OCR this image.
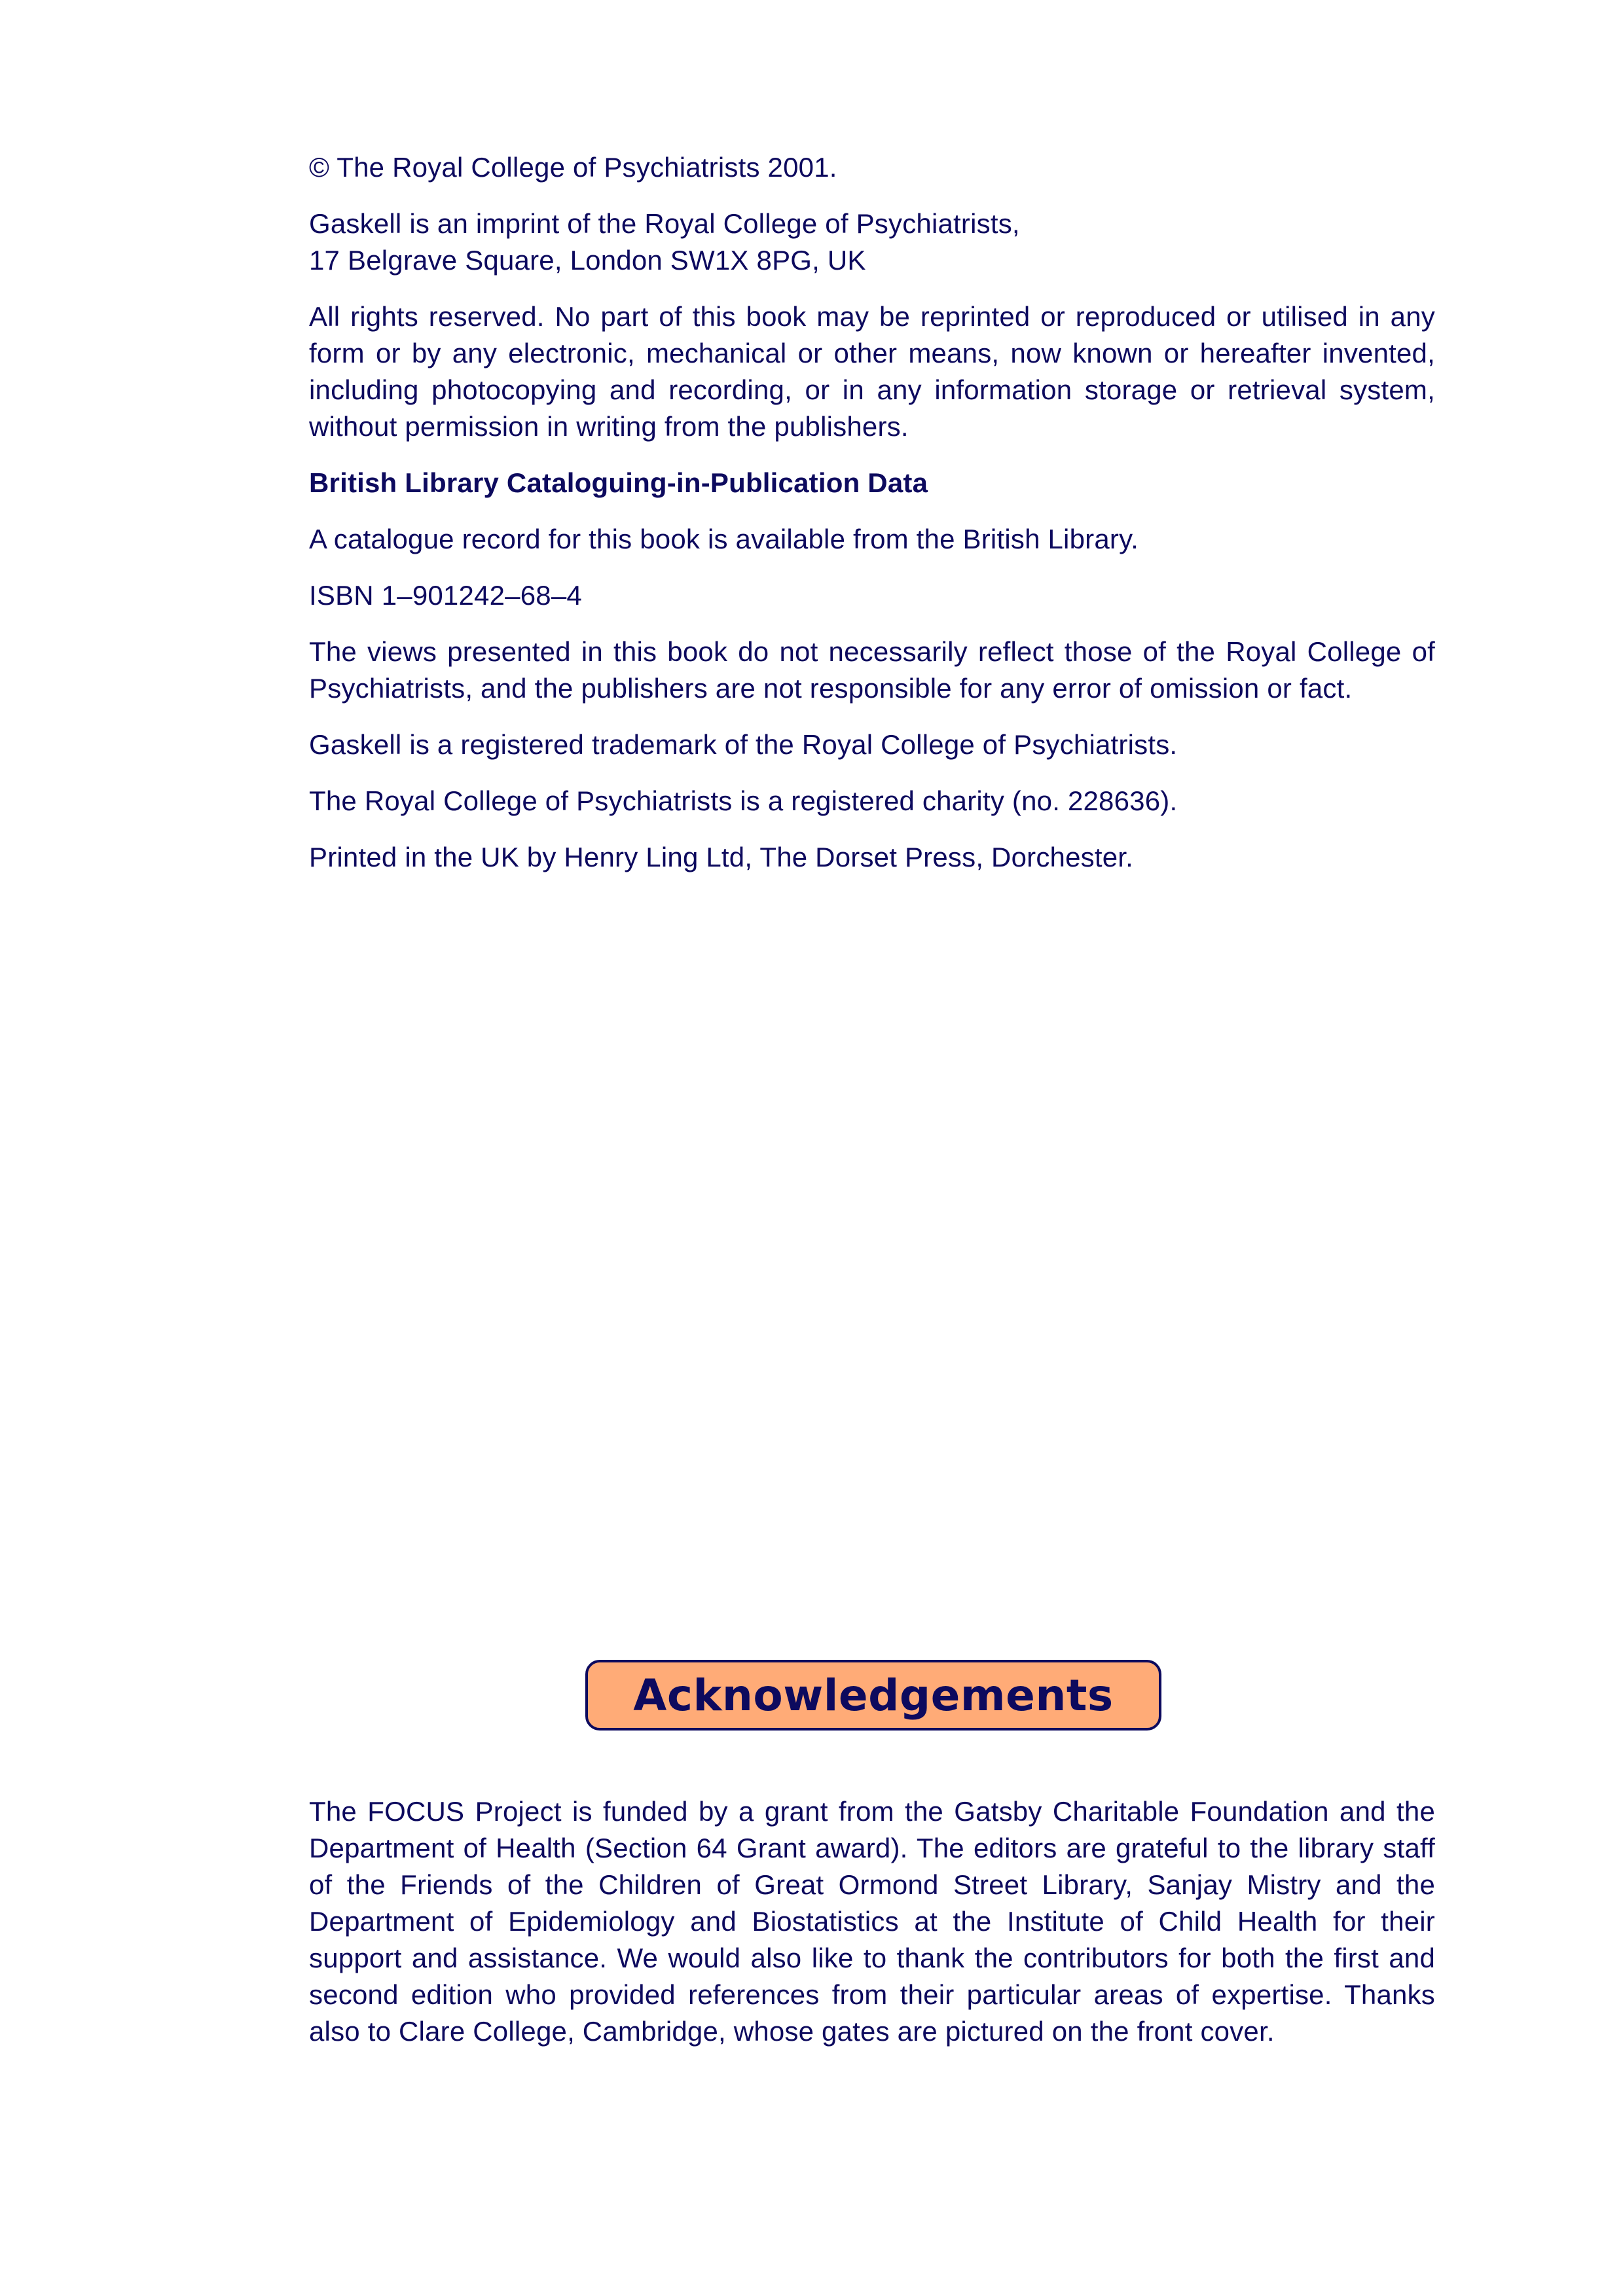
© The Royal College of Psychiatrists 2001.

Gaskell is an imprint of the Royal College of Psychiatrists,
17 Belgrave Square, London SW1X 8PG, UK

All rights reserved. No part of this book may be reprinted or reproduced or utilised in any form or by any electronic, mechanical or other means, now known or hereafter invented, including photocopying and recording, or in any information storage or retrieval system, without permission in writing from the publishers.

British Library Cataloguing-in-Publication Data

A catalogue record for this book is available from the British Library.

ISBN 1–901242–68–4

The views presented in this book do not necessarily reflect those of the Royal College of Psychiatrists, and the publishers are not responsible for any error of omission or fact.

Gaskell is a registered trademark of the Royal College of Psychiatrists.

The Royal College of Psychiatrists is a registered charity (no. 228636).

Printed in the UK by Henry Ling Ltd, The Dorset Press, Dorchester.

Acknowledgements

The FOCUS Project is funded by a grant from the Gatsby Charitable Foundation and the Department of Health (Section 64 Grant award). The editors are grateful to the library staff of the Friends of the Children of Great Ormond Street Library, Sanjay Mistry and the Department of Epidemiology and Biostatistics at the Institute of Child Health for their support and assistance. We would also like to thank the contributors for both the first and second edition who provided references from their particular areas of expertise. Thanks also to Clare College, Cambridge, whose gates are pictured on the front cover.
